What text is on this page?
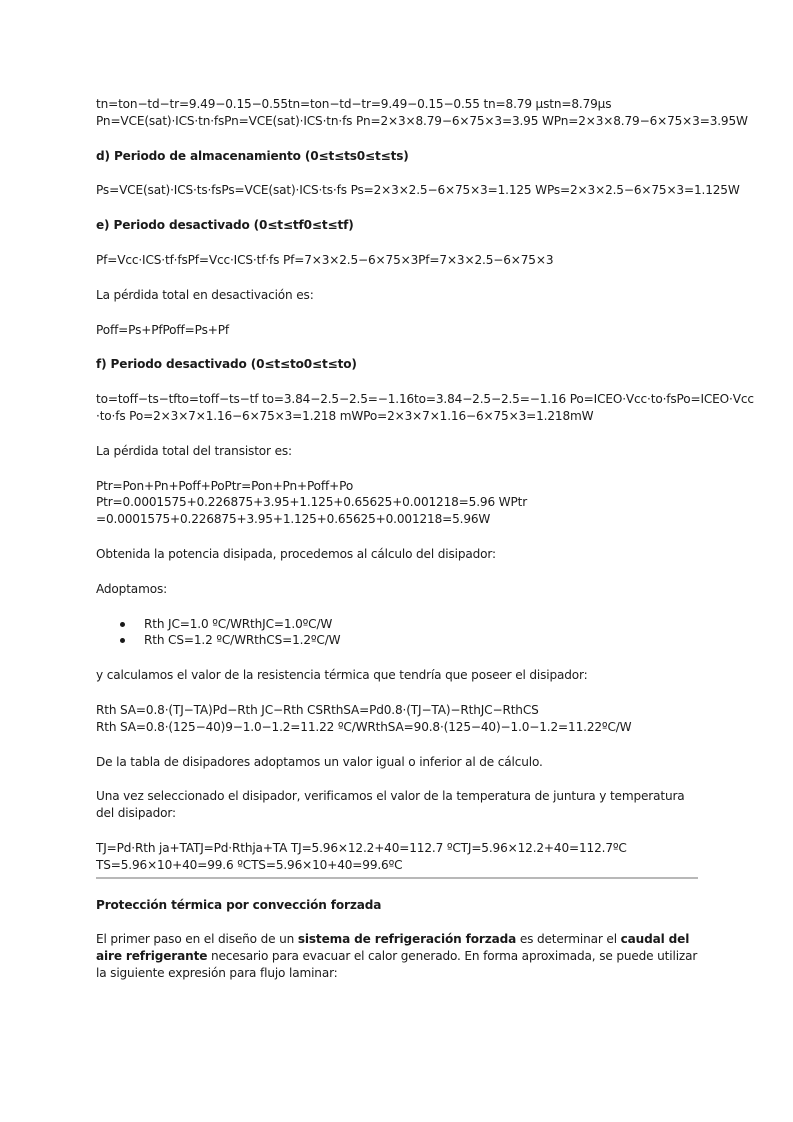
tn=ton−td−tr=9.49−0.15−0.55tn=ton−td−tr=9.49−0.15−0.55 tn=8.79 μstn=8.79μs
Pn=VCE(sat)·ICS·tn·fsPn=VCE(sat)·ICS·tn·fs Pn=2×3×8.79−6×75×3=3.95 WPn=2×3×8.79−6×75×3=3.95W
d) Periodo de almacenamiento (0≤t≤ts0≤t≤ts)
Ps=VCE(sat)·ICS·ts·fsPs=VCE(sat)·ICS·ts·fs Ps=2×3×2.5−6×75×3=1.125 WPs=2×3×2.5−6×75×3=1.125W
e) Periodo desactivado (0≤t≤tf0≤t≤tf)
Pf=Vcc·ICS·tf·fsPf=Vcc·ICS·tf·fs Pf=7×3×2.5−6×75×3Pf=7×3×2.5−6×75×3
La pérdida total en desactivación es:
Poff=Ps+PfPoff=Ps+Pf
f) Periodo desactivado (0≤t≤to0≤t≤to)
to=toff−ts−tfto=toff−ts−tf to=3.84−2.5−2.5=−1.16to=3.84−2.5−2.5=−1.16 Po=ICEO·Vcc·to·fsPo=ICEO·Vcc
·to·fs Po=2×3×7×1.16−6×75×3=1.218 mWPo=2×3×7×1.16−6×75×3=1.218mW
La pérdida total del transistor es:
Ptr=Pon+Pn+Poff+PoPtr=Pon+Pn+Poff+Po
Ptr=0.0001575+0.226875+3.95+1.125+0.65625+0.001218=5.96 WPtr
=0.0001575+0.226875+3.95+1.125+0.65625+0.001218=5.96W
Obtenida la potencia disipada, procedemos al cálculo del disipador:
Adoptamos:
Rth JC=1.0 ºC/WRthJC=1.0ºC/W
Rth CS=1.2 ºC/WRthCS=1.2ºC/W
y calculamos el valor de la resistencia térmica que tendría que poseer el disipador:
Rth SA=0.8·(TJ−TA)Pd−Rth JC−Rth CSRthSA=Pd0.8·(TJ−TA)−RthJC−RthCS
Rth SA=0.8·(125−40)9−1.0−1.2=11.22 ºC/WRthSA=90.8·(125−40)−1.0−1.2=11.22ºC/W
De la tabla de disipadores adoptamos un valor igual o inferior al de cálculo.
Una vez seleccionado el disipador, verificamos el valor de la temperatura de juntura y temperatura del disipador:
TJ=Pd·Rth ja+TATJ=Pd·Rthja+TA TJ=5.96×12.2+40=112.7 ºCTJ=5.96×12.2+40=112.7ºC
TS=5.96×10+40=99.6 ºCTS=5.96×10+40=99.6ºC
Protección térmica por convección forzada
El primer paso en el diseño de un sistema de refrigeración forzada es determinar el caudal del aire refrigerante necesario para evacuar el calor generado. En forma aproximada, se puede utilizar la siguiente expresión para flujo laminar:
